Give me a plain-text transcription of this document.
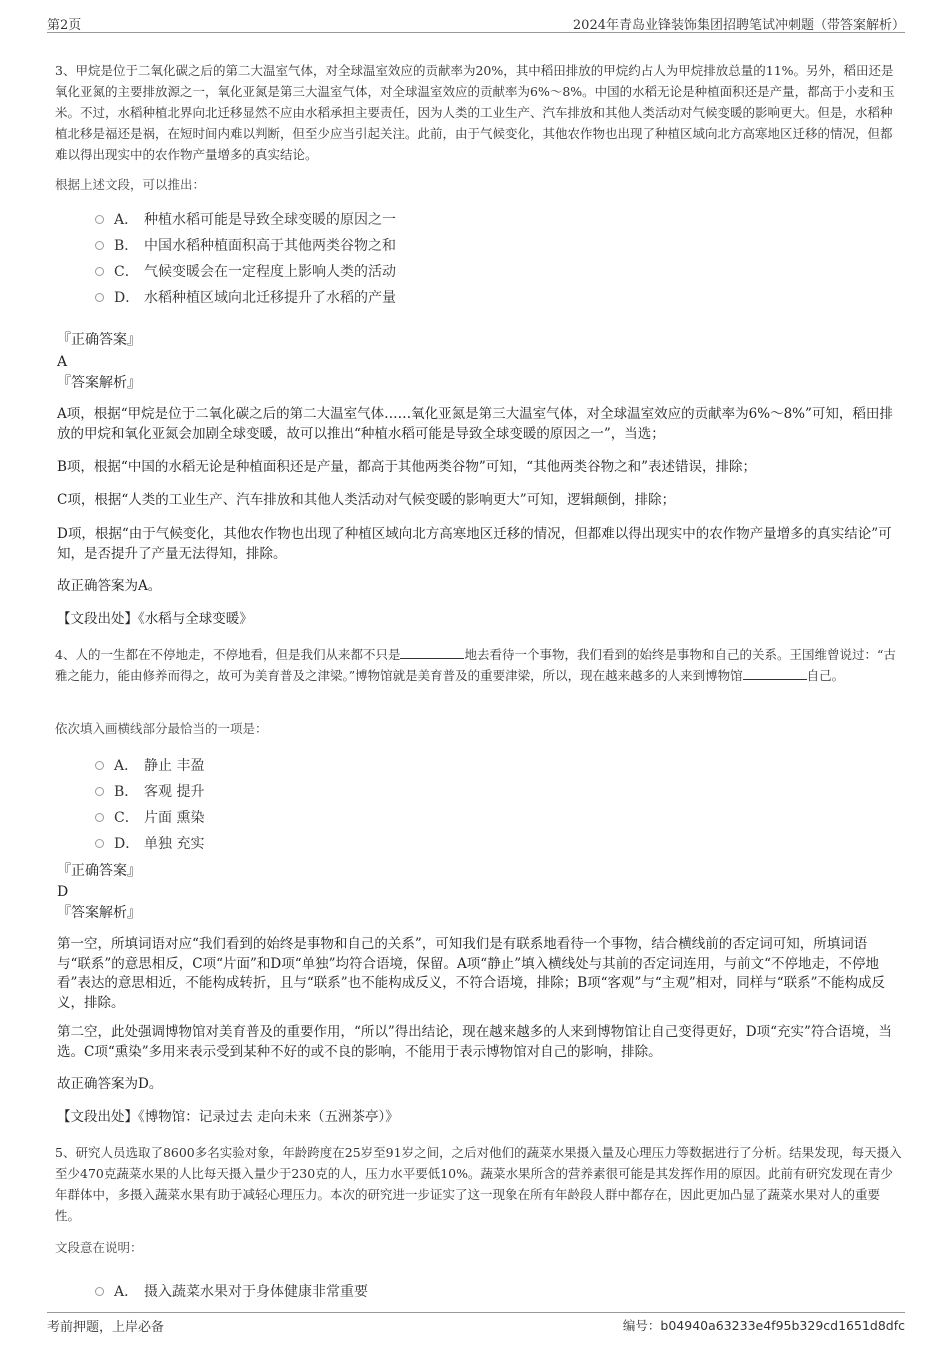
第2页	2024年青岛业锋装饰集团招聘笔试冲刺题（带答案解析）

3、甲烷是位于二氧化碳之后的第二大温室气体，对全球温室效应的贡献率为20%，其中稻田排放的甲烷约占人为甲烷排放总量的11%。另外，稻田还是氧化亚氮的主要排放源之一，氧化亚氮是第三大温室气体，对全球温室效应的贡献率为6%～8%。中国的水稻无论是种植面积还是产量，都高于小麦和玉米。不过，水稻种植北界向北迁移显然不应由水稻承担主要责任，因为人类的工业生产、汽车排放和其他人类活动对气候变暖的影响更大。但是，水稻种植北移是福还是祸，在短时间内难以判断，但至少应当引起关注。此前，由于气候变化，其他农作物也出现了种植区域向北方高寒地区迁移的情况，但都难以得出现实中的农作物产量增多的真实结论。

根据上述文段，可以推出：
A． 种植水稻可能是导致全球变暖的原因之一
B． 中国水稻种植面积高于其他两类谷物之和
C． 气候变暖会在一定程度上影响人类的活动
D． 水稻种植区域向北迁移提升了水稻的产量
『正确答案』
A
『答案解析』

A项，根据“甲烷是位于二氧化碳之后的第二大温室气体……氧化亚氮是第三大温室气体，对全球温室效应的贡献率为6%～8%”可知，稻田排放的甲烷和氧化亚氮会加剧全球变暖，故可以推出“种植水稻可能是导致全球变暖的原因之一”，当选；

B项，根据“中国的水稻无论是种植面积还是产量，都高于其他两类谷物”可知，“其他两类谷物之和”表述错误，排除；

C项，根据“人类的工业生产、汽车排放和其他人类活动对气候变暖的影响更大”可知，逻辑颠倒，排除；

D项，根据“由于气候变化，其他农作物也出现了种植区域向北方高寒地区迁移的情况，但都难以得出现实中的农作物产量增多的真实结论”可知，是否提升了产量无法得知，排除。

故正确答案为A。

【文段出处】《水稻与全球变暖》

4、人的一生都在不停地走，不停地看，但是我们从来都不只是	地去看待一个事物，我们看到的始终是事物和自己的关系。王国维曾说过：“古雅之能力，能由修养而得之，故可为美育普及之津梁。”博物馆就是美育普及的重要津梁，所以，现在越来越多的人来到博物馆	自己。

依次填入画横线部分最恰当的一项是：
A． 静止 丰盈
B． 客观 提升
C． 片面 熏染
D． 单独 充实
『正确答案』
D
『答案解析』

第一空，所填词语对应“我们看到的始终是事物和自己的关系”，可知我们是有联系地看待一个事物，结合横线前的否定词可知，所填词语与“联系”的意思相反，C项“片面”和D项“单独”均符合语境，保留。A项“静止”填入横线处与其前的否定词连用，与前文“不停地走，不停地看”表达的意思相近，不能构成转折，且与“联系”也不能构成反义，不符合语境，排除；B项“客观”与“主观”相对，同样与“联系”不能构成反义，排除。

第二空，此处强调博物馆对美育普及的重要作用，“所以”得出结论，现在越来越多的人来到博物馆让自己变得更好，D项“充实”符合语境，当选。C项“熏染”多用来表示受到某种不好的或不良的影响，不能用于表示博物馆对自己的影响，排除。

故正确答案为D。

【文段出处】《博物馆：记录过去 走向未来（五洲茶亭）》

5、研究人员选取了8600多名实验对象，年龄跨度在25岁至91岁之间，之后对他们的蔬菜水果摄入量及心理压力等数据进行了分析。结果发现，每天摄入至少470克蔬菜水果的人比每天摄入量少于230克的人，压力水平要低10%。蔬菜水果所含的营养素很可能是其发挥作用的原因。此前有研究发现在青少年群体中，多摄入蔬菜水果有助于减轻心理压力。本次的研究进一步证实了这一现象在所有年龄段人群中都存在，因此更加凸显了蔬菜水果对人的重要性。

文段意在说明：
A． 摄入蔬菜水果对于身体健康非常重要
考前押题，上岸必备	编号：b04940a63233e4f95b329cd1651d8dfc
